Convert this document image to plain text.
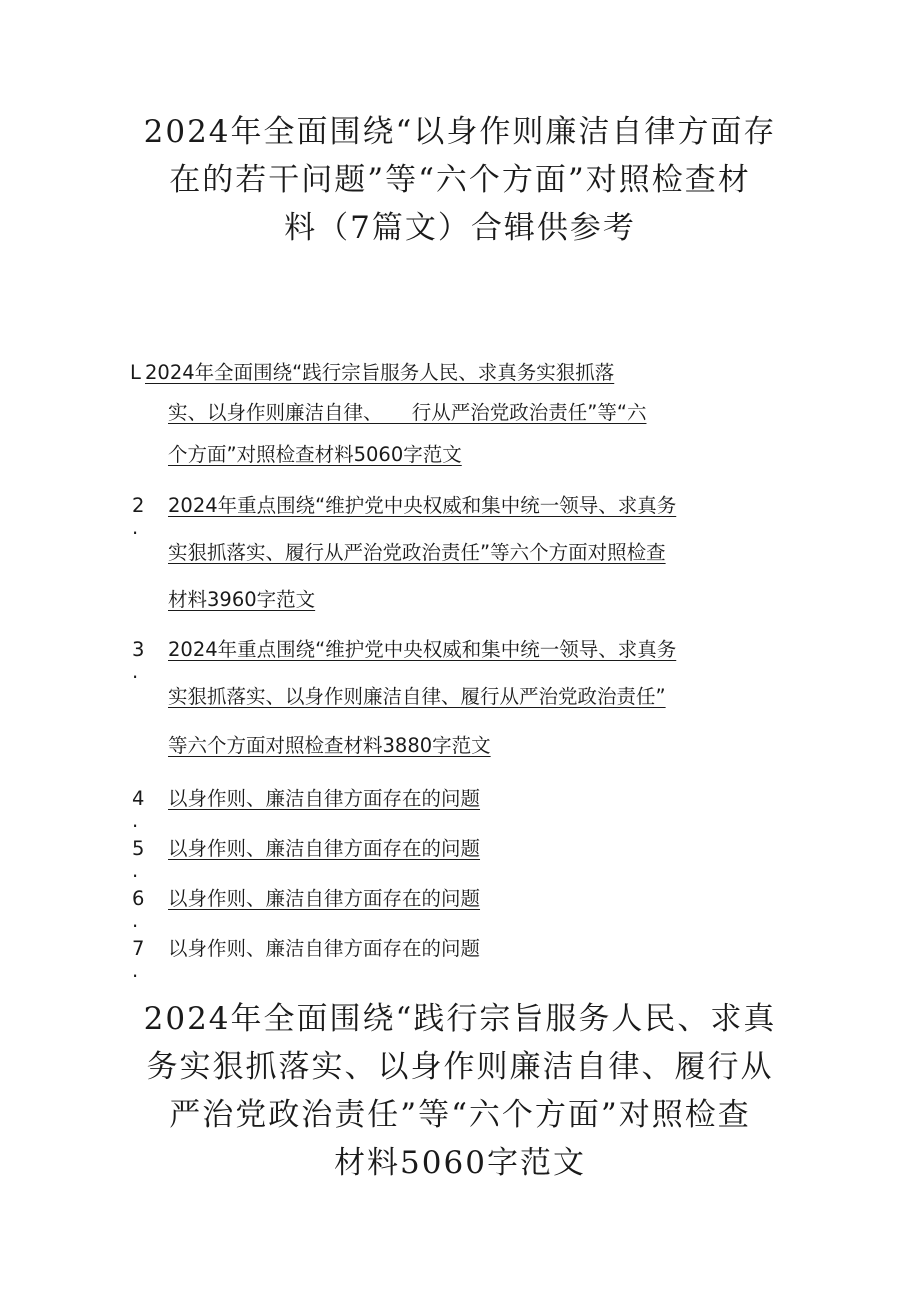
2024年全面围绕“以身作则廉洁自律方面存
在的若干问题”等“六个方面”对照检查材
料（7篇文）合辑供参考
L 2024年全面围绕“践行宗旨服务人民、求真务实狠抓落
实、以身作则廉洁自律、　　行从严治党政治责任”等“六
个方面”对照检查材料5060字范文
2 .
2024年重点围绕“维护党中央权威和集中统一领导、求真务
实狠抓落实、履行从严治党政治责任”等六个方面对照检查
材料3960字范文
3 .
2024年重点围绕“维护党中央权威和集中统一领导、求真务
实狠抓落实、以身作则廉洁自律、履行从严治党政治责任”
等六个方面对照检查材料3880字范文
4 .
以身作则、廉洁自律方面存在的问题
5 .
以身作则、廉洁自律方面存在的问题
6 .
以身作则、廉洁自律方面存在的问题
7 .
以身作则、廉洁自律方面存在的问题
2024年全面围绕“践行宗旨服务人民、求真
务实狠抓落实、以身作则廉洁自律、履行从
严治党政治责任”等“六个方面”对照检查
材料5060字范文
